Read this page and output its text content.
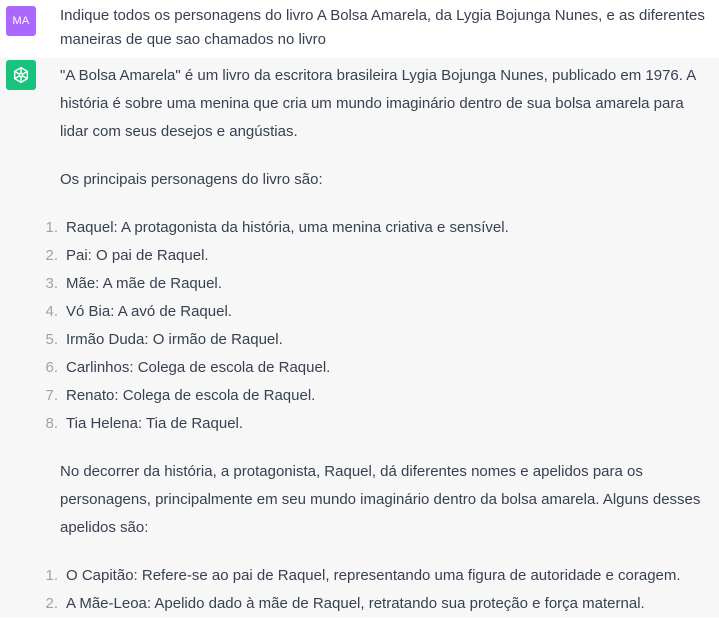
MA	Indique todos os personagens do livro A Bolsa Amarela, da Lygia Bojunga Nunes, e as diferentes maneiras de que sao chamados no livro

"A Bolsa Amarela" é um livro da escritora brasileira Lygia Bojunga Nunes, publicado em 1976. A história é sobre uma menina que cria um mundo imaginário dentro de sua bolsa amarela para lidar com seus desejos e angústias.

Os principais personagens do livro são:

1. Raquel: A protagonista da história, uma menina criativa e sensível.
2. Pai: O pai de Raquel.
3. Mãe: A mãe de Raquel.
4. Vó Bia: A avó de Raquel.
5. Irmão Duda: O irmão de Raquel.
6. Carlinhos: Colega de escola de Raquel.
7. Renato: Colega de escola de Raquel.
8. Tia Helena: Tia de Raquel.

No decorrer da história, a protagonista, Raquel, dá diferentes nomes e apelidos para os personagens, principalmente em seu mundo imaginário dentro da bolsa amarela. Alguns desses apelidos são:

1. O Capitão: Refere-se ao pai de Raquel, representando uma figura de autoridade e coragem.
2. A Mãe-Leoa: Apelido dado à mãe de Raquel, retratando sua proteção e força maternal.
